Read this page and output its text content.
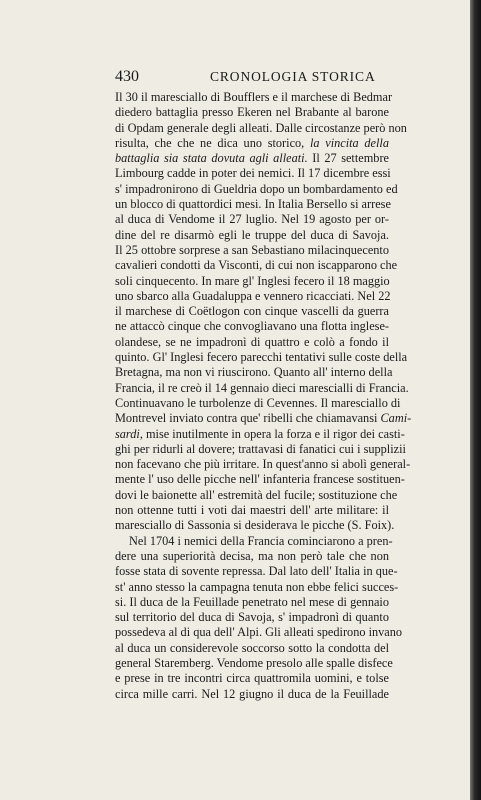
430	CRONOLOGIA STORICA
Il 30 il maresciallo di Boufflers e il marchese di Bedmar
diedero battaglia presso Ekeren nel Brabante al barone
di Opdam generale degli alleati. Dalle circostanze però non
risulta, che che ne dica uno storico, la vincita della
battaglia sia stata dovuta agli alleati. Il 27 settembre
Limbourg cadde in poter dei nemici. Il 17 dicembre essi
s' impadronirono di Gueldria dopo un bombardamento ed
un blocco di quattordici mesi. In Italia Bersello si arrese
al duca di Vendome il 27 luglio. Nel 19 agosto per or-
dine del re disarmò egli le truppe del duca di Savoja.
Il 25 ottobre sorprese a san Sebastiano milacinquecento
cavalieri condotti da Visconti, di cui non iscapparono che
soli cinquecento. In mare gl' Inglesi fecero il 18 maggio
uno sbarco alla Guadaluppa e vennero ricacciati. Nel 22
il marchese di Coëtlogon con cinque vascelli da guerra
ne attaccò cinque che convogliavano una flotta inglese-
olandese, se ne impadronì di quattro e colò a fondo il
quinto. Gl' Inglesi fecero parecchi tentativi sulle coste della
Bretagna, ma non vi riuscirono. Quanto all' interno della
Francia, il re creò il 14 gennaio dieci marescialli di Francia.
Continuavano le turbolenze di Cevennes. Il maresciallo di
Montrevel inviato contra que' ribelli che chiamavansi Cami-
sardi, mise inutilmente in opera la forza e il rigor dei casti-
ghi per ridurli al dovere; trattavasi di fanatici cui i supplizii
non facevano che più irritare. In quest'anno si abolì general-
mente l' uso delle picche nell' infanteria francese sostituen-
dovi le baionette all' estremità del fucile; sostituzione che
non ottenne tutti i voti dai maestri dell' arte militare: il
maresciallo di Sassonia si desiderava le picche (S. Foix).
Nel 1704 i nemici della Francia cominciarono a pren-
dere una superiorità decisa, ma non però tale che non
fosse stata di sovente repressa. Dal lato dell' Italia in que-
st' anno stesso la campagna tenuta non ebbe felici succes-
si. Il duca de la Feuillade penetrato nel mese di gennaio
sul territorio del duca di Savoja, s' impadronì di quanto
possedeva al di qua dell' Alpi. Gli alleati spedirono invano
al duca un considerevole soccorso sotto la condotta del
general Staremberg. Vendome presolo alle spalle disfece
e prese in tre incontri circa quattromila uomini, e tolse
circa mille carri. Nel 12 giugno il duca de la Feuillade
